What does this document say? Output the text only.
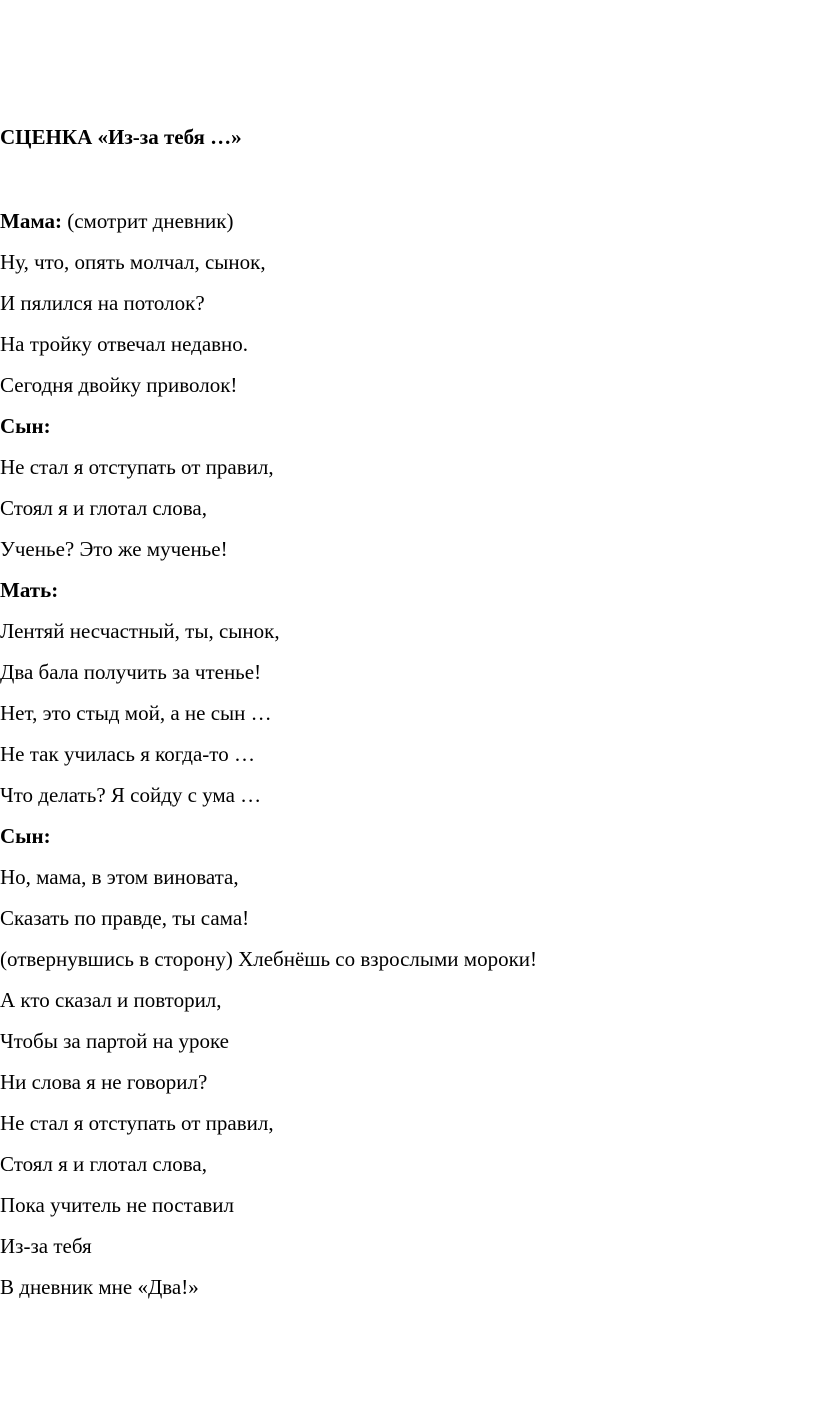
СЦЕНКА «Из-за тебя …»
Мама: (смотрит дневник)
Ну, что, опять молчал, сынок,
И пялился на потолок?
На тройку отвечал недавно.
Сегодня двойку приволок!
Сын:
Не стал я отступать от правил,
Стоял я и глотал слова,
Ученье? Это же мученье!
Мать:
Лентяй несчастный, ты, сынок,
Два бала получить за чтенье!
Нет, это стыд мой, а не сын …
Не так училась я когда-то …
Что делать? Я сойду с ума …
Сын:
Но, мама, в этом виновата,
Сказать по правде, ты сама!
(отвернувшись в сторону) Хлебнёшь со взрослыми мороки!
А кто сказал и повторил,
Чтобы за партой на уроке
Ни слова я не говорил?
Не стал я отступать от правил,
Стоял я и глотал слова,
Пока учитель не поставил
Из-за тебя
В дневник мне «Два!»
